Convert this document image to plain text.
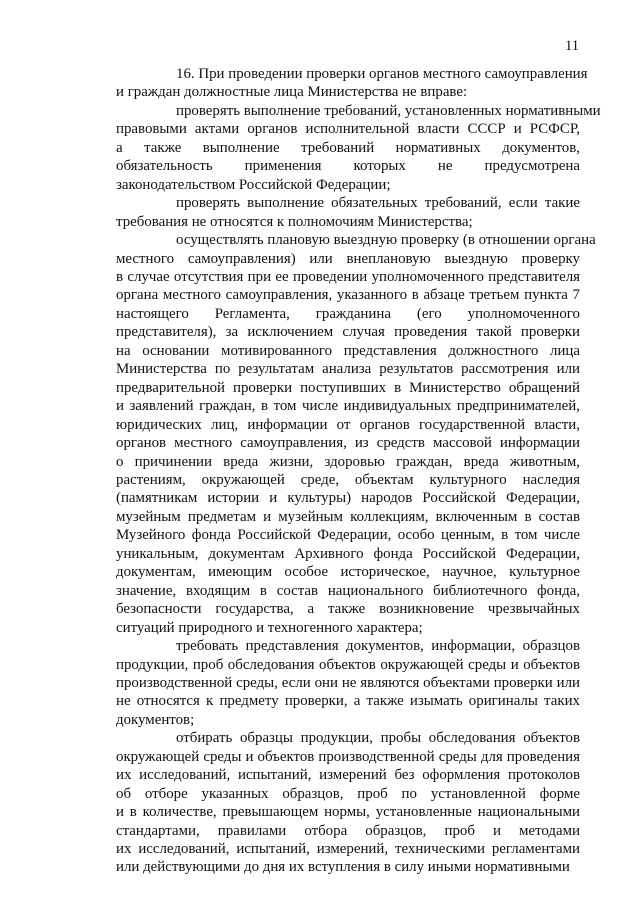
11

16. При проведении проверки органов местного самоуправления
и граждан должностные лица Министерства не вправе:

проверять выполнение требований, установленных нормативными
правовыми актами органов исполнительной власти СССР и РСФСР,
а также выполнение требований нормативных документов,
обязательность применения которых не предусмотрена
законодательством Российской Федерации;

проверять выполнение обязательных требований, если такие
требования не относятся к полномочиям Министерства;

осуществлять плановую выездную проверку (в отношении органа
местного самоуправления) или внеплановую выездную проверку
в случае отсутствия при ее проведении уполномоченного представителя
органа местного самоуправления, указанного в абзаце третьем пункта 7
настоящего Регламента, гражданина (его уполномоченного
представителя), за исключением случая проведения такой проверки
на основании мотивированного представления должностного лица
Министерства по результатам анализа результатов рассмотрения или
предварительной проверки поступивших в Министерство обращений
и заявлений граждан, в том числе индивидуальных предпринимателей,
юридических лиц, информации от органов государственной власти,
органов местного самоуправления, из средств массовой информации
о причинении вреда жизни, здоровью граждан, вреда животным,
растениям, окружающей среде, объектам культурного наследия
(памятникам истории и культуры) народов Российской Федерации,
музейным предметам и музейным коллекциям, включенным в состав
Музейного фонда Российской Федерации, особо ценным, в том числе
уникальным, документам Архивного фонда Российской Федерации,
документам, имеющим особое историческое, научное, культурное
значение, входящим в состав национального библиотечного фонда,
безопасности государства, а также возникновение чрезвычайных
ситуаций природного и техногенного характера;

требовать представления документов, информации, образцов
продукции, проб обследования объектов окружающей среды и объектов
производственной среды, если они не являются объектами проверки или
не относятся к предмету проверки, а также изымать оригиналы таких
документов;

отбирать образцы продукции, пробы обследования объектов
окружающей среды и объектов производственной среды для проведения
их исследований, испытаний, измерений без оформления протоколов
об отборе указанных образцов, проб по установленной форме
и в количестве, превышающем нормы, установленные национальными
стандартами, правилами отбора образцов, проб и методами
их исследований, испытаний, измерений, техническими регламентами
или действующими до дня их вступления в силу иными нормативными
